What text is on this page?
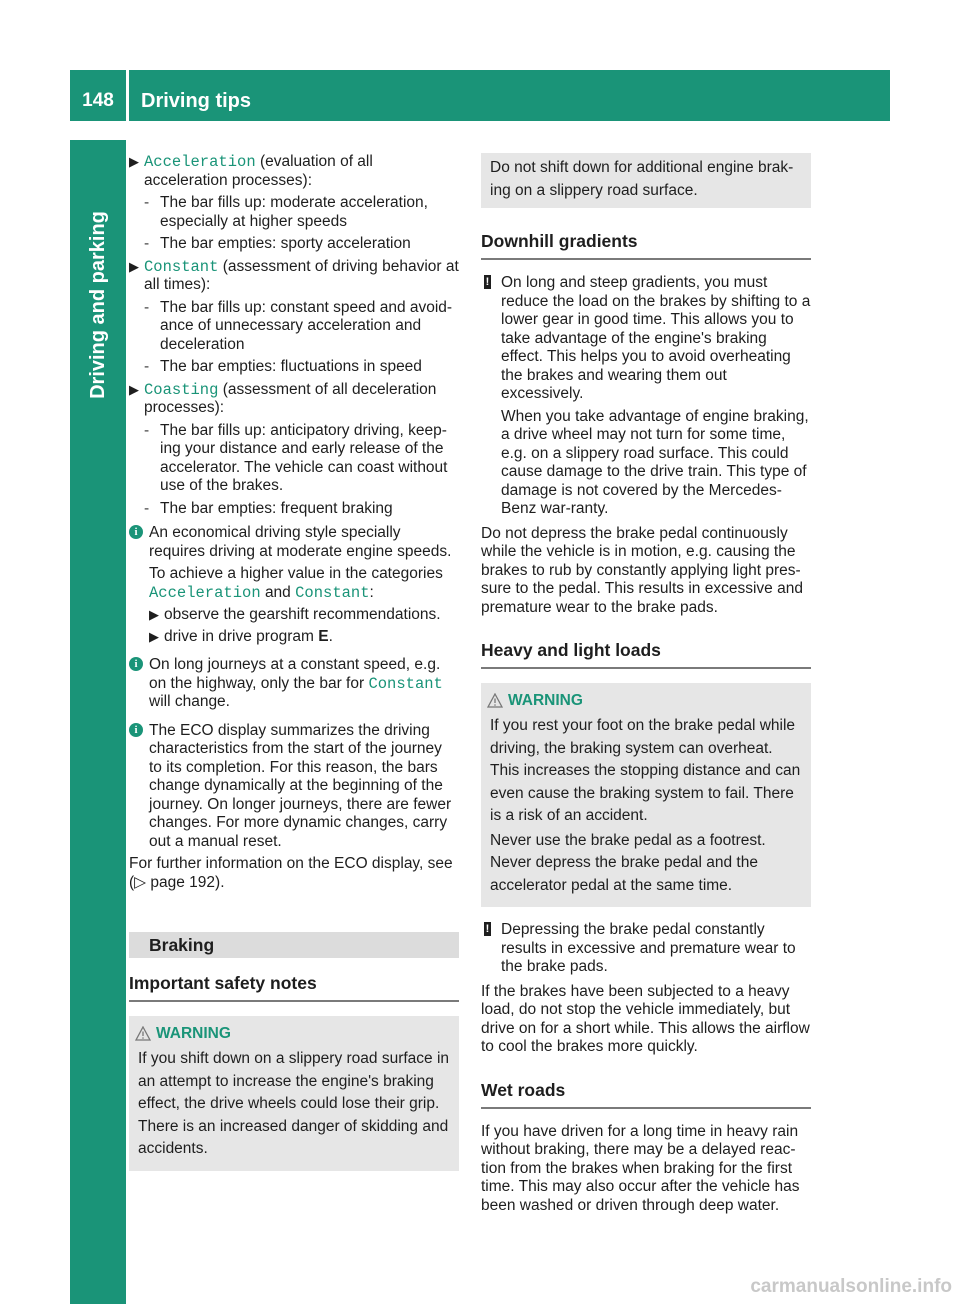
148	Driving tips
Driving and parking
▶ Acceleration (evaluation of all acceleration processes):
- The bar fills up: moderate acceleration, especially at higher speeds
- The bar empties: sporty acceleration
▶ Constant (assessment of driving behavior at all times):
- The bar fills up: constant speed and avoid-ance of unnecessary acceleration and deceleration
- The bar empties: fluctuations in speed
▶ Coasting (assessment of all deceleration processes):
- The bar fills up: anticipatory driving, keep-ing your distance and early release of the accelerator. The vehicle can coast without use of the brakes.
- The bar empties: frequent braking
i An economical driving style specially requires driving at moderate engine speeds.

To achieve a higher value in the categories Acceleration and Constant:

▶ observe the gearshift recommendations.
▶ drive in drive program E.
i On long journeys at a constant speed, e.g. on the highway, only the bar for Constant will change.
i The ECO display summarizes the driving characteristics from the start of the journey to its completion. For this reason, the bars change dynamically at the beginning of the journey. On longer journeys, there are fewer changes. For more dynamic changes, carry out a manual reset.

For further information on the ECO display, see (▷ page 192).

Braking
Important safety notes
WARNING

If you shift down on a slippery road surface in an attempt to increase the engine's braking effect, the drive wheels could lose their grip. There is an increased danger of skidding and accidents.

Do not shift down for additional engine brak-ing on a slippery road surface.

Downhill gradients
! On long and steep gradients, you must reduce the load on the brakes by shifting to a lower gear in good time. This allows you to take advantage of the engine's braking effect. This helps you to avoid overheating the brakes and wearing them out excessively.

When you take advantage of engine braking, a drive wheel may not turn for some time, e.g. on a slippery road surface. This could cause damage to the drive train. This type of damage is not covered by the Mercedes-Benz war-ranty.

Do not depress the brake pedal continuously while the vehicle is in motion, e.g. causing the brakes to rub by constantly applying light pres-sure to the pedal. This results in excessive and premature wear to the brake pads.

Heavy and light loads
WARNING

If you rest your foot on the brake pedal while driving, the braking system can overheat. This increases the stopping distance and can even cause the braking system to fail. There is a risk of an accident.

Never use the brake pedal as a footrest. Never depress the brake pedal and the accelerator pedal at the same time.

! Depressing the brake pedal constantly results in excessive and premature wear to the brake pads.

If the brakes have been subjected to a heavy load, do not stop the vehicle immediately, but drive on for a short while. This allows the airflow to cool the brakes more quickly.

Wet roads

If you have driven for a long time in heavy rain without braking, there may be a delayed reac-tion from the brakes when braking for the first time. This may also occur after the vehicle has been washed or driven through deep water.

carmanualsonline.info
